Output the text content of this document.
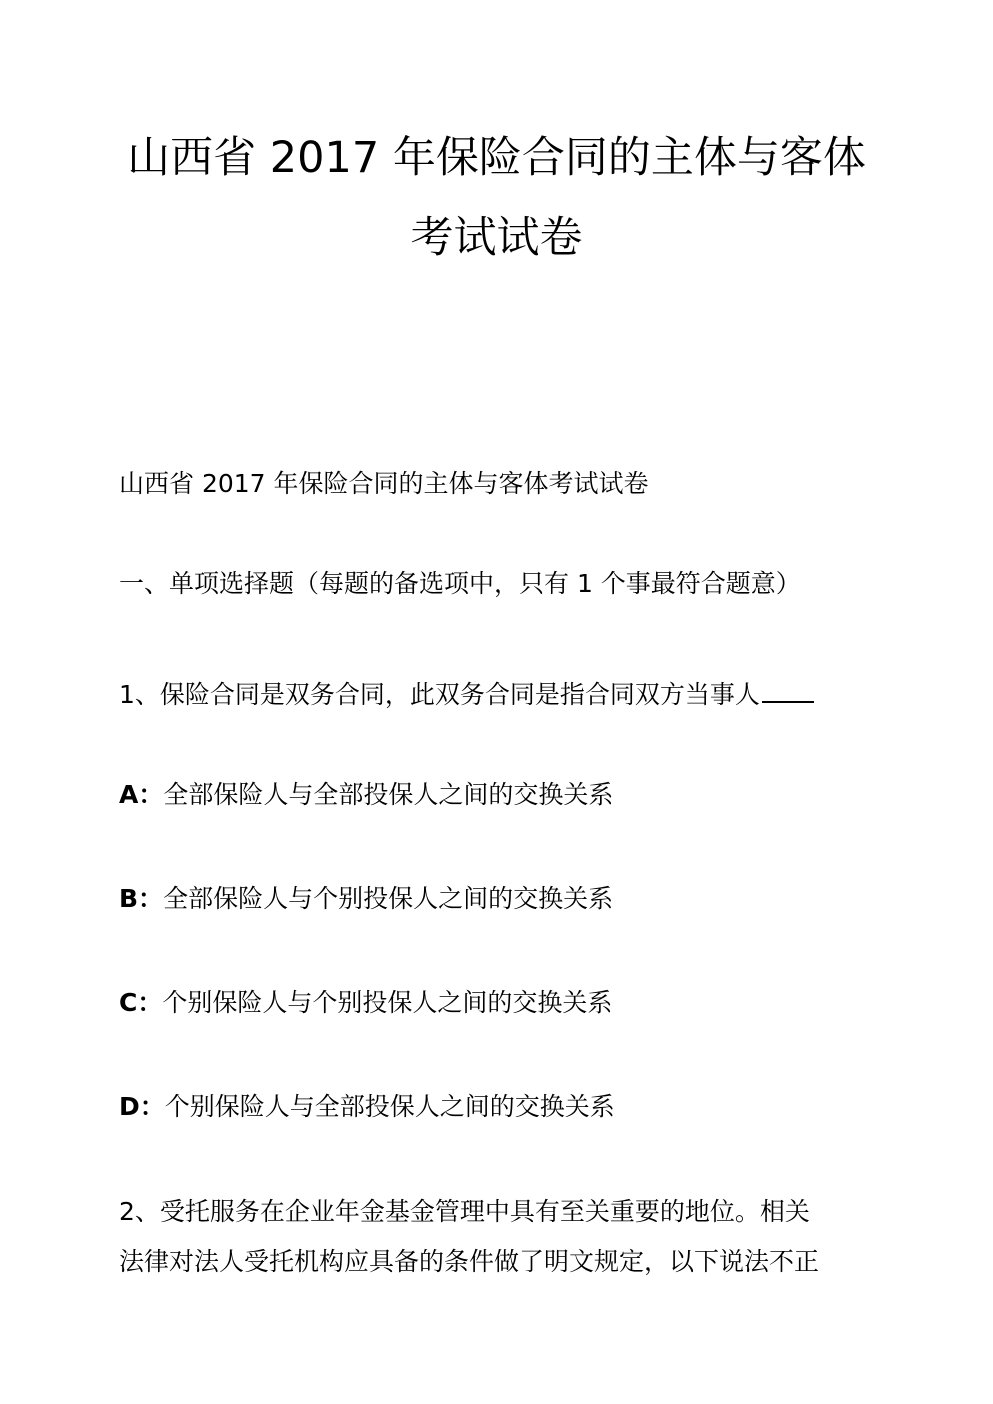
山西省 2017 年保险合同的主体与客体
考试试卷
山西省 2017 年保险合同的主体与客体考试试卷
一、单项选择题（每题的备选项中，只有 1 个事最符合题意）
1、保险合同是双务合同，此双务合同是指合同双方当事人
A：全部保险人与全部投保人之间的交换关系
B：全部保险人与个别投保人之间的交换关系
C：个别保险人与个别投保人之间的交换关系
D：个别保险人与全部投保人之间的交换关系
2、受托服务在企业年金基金管理中具有至关重要的地位。相关
法律对法人受托机构应具备的条件做了明文规定，以下说法不正
